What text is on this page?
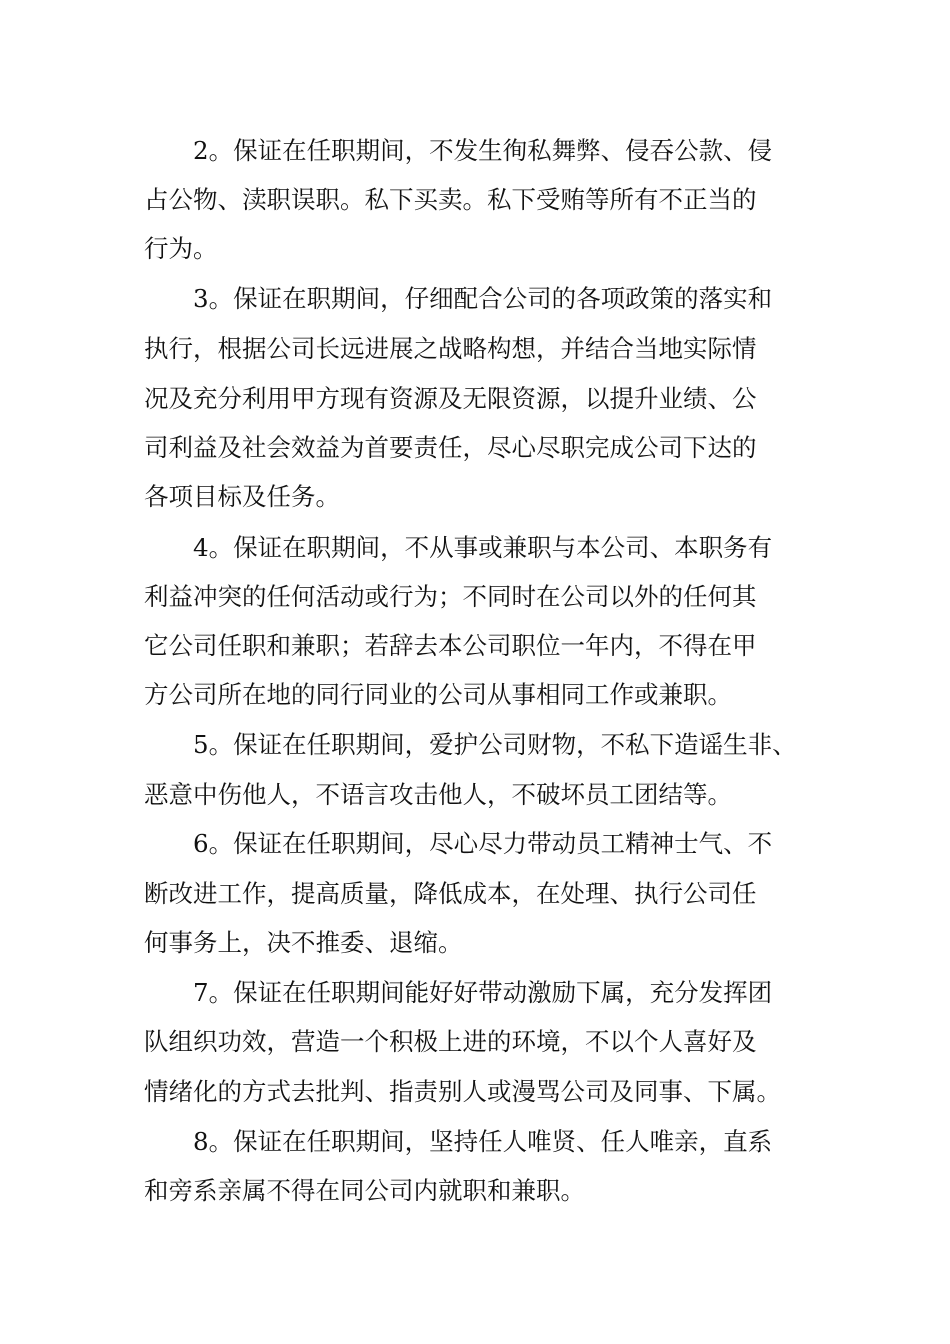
2。保证在任职期间，不发生徇私舞弊、侵吞公款、侵
占公物、渎职误职。私下买卖。私下受贿等所有不正当的
行为。
3。保证在职期间，仔细配合公司的各项政策的落实和
执行，根据公司长远进展之战略构想，并结合当地实际情
况及充分利用甲方现有资源及无限资源，以提升业绩、公
司利益及社会效益为首要责任，尽心尽职完成公司下达的
各项目标及任务。
4。保证在职期间，不从事或兼职与本公司、本职务有
利益冲突的任何活动或行为；不同时在公司以外的任何其
它公司任职和兼职；若辞去本公司职位一年内，不得在甲
方公司所在地的同行同业的公司从事相同工作或兼职。
5。保证在任职期间，爱护公司财物，不私下造谣生非、
恶意中伤他人，不语言攻击他人，不破坏员工团结等。
6。保证在任职期间，尽心尽力带动员工精神士气、不
断改进工作，提高质量，降低成本，在处理、执行公司任
何事务上，决不推委、退缩。
7。保证在任职期间能好好带动激励下属，充分发挥团
队组织功效，营造一个积极上进的环境，不以个人喜好及
情绪化的方式去批判、指责别人或漫骂公司及同事、下属。
8。保证在任职期间，坚持任人唯贤、任人唯亲，直系
和旁系亲属不得在同公司内就职和兼职。
